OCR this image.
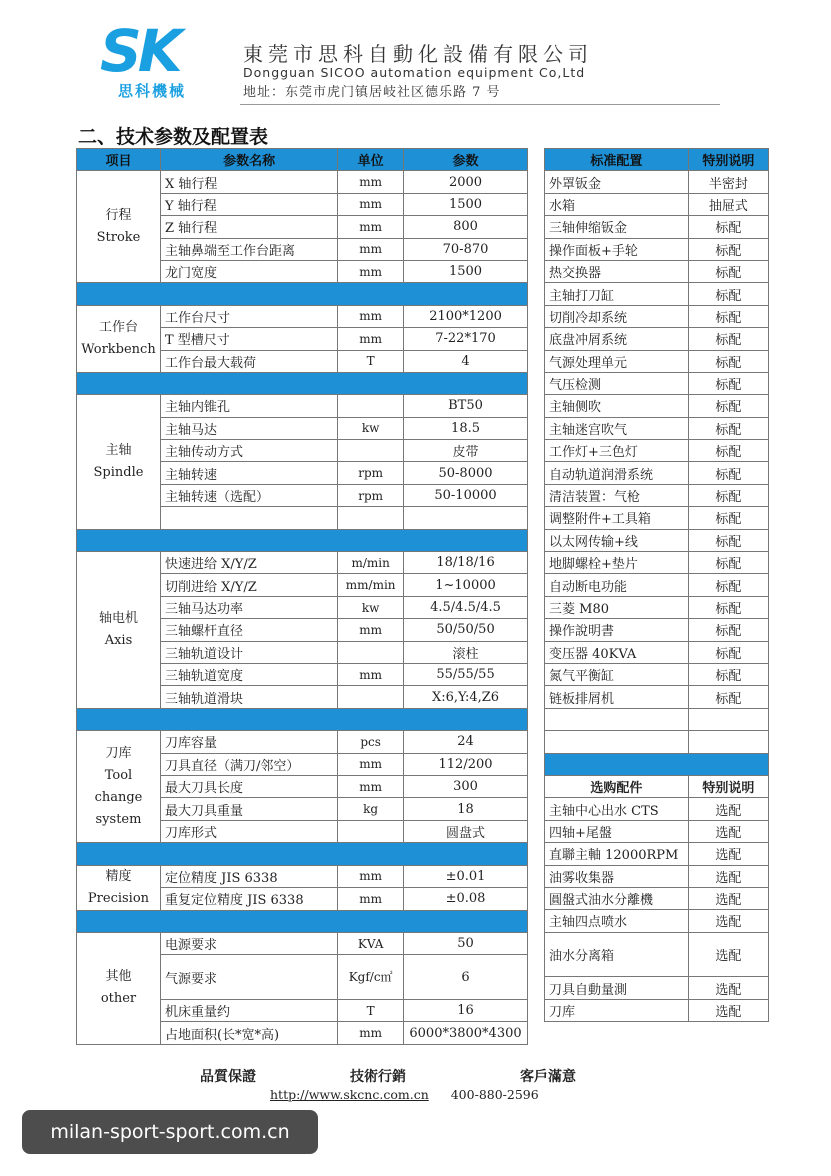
SK
思科機械
東莞市思科自動化設備有限公司
Dongguan SICOO automation equipment Co,Ltd
地址：东莞市虎门镇居岐社区德乐路 7 号
二、技术参数及配置表
项目	参数名称	单位	参数

行程
Stroke	X 轴行程	mm	2000
	Y 轴行程	mm	1500
	Z 轴行程	mm	800
	主轴鼻端至工作台距离	mm	70-870
	龙门宽度	mm	1500

工作台
Workbench	工作台尺寸	mm	2100*1200
	T 型槽尺寸	mm	7-22*170
	工作台最大载荷	T	4

主轴
Spindle	主轴内锥孔		BT50
	主轴马达	kw	18.5
	主轴传动方式		皮带
	主轴转速	rpm	50-8000
	主轴转速（选配）	rpm	50-10000

轴电机
Axis	快速进给 X/Y/Z	m/min	18/18/16
	切削进给 X/Y/Z	mm/min	1~10000
	三轴马达功率	kw	4.5/4.5/4.5
	三轴螺杆直径	mm	50/50/50
	三轴轨道设计		滚柱
	三轴轨道宽度	mm	55/55/55
	三轴轨道滑块		X:6,Y:4,Z6

刀库
Tool change system	刀库容量	pcs	24
	刀具直径（满刀/邻空）	mm	112/200
	最大刀具长度	mm	300
	最大刀具重量	kg	18
	刀库形式		圆盘式

精度
Precision	定位精度 JIS 6338	mm	±0.01
	重复定位精度 JIS 6338	mm	±0.08

其他
other	电源要求	KVA	50
	气源要求	Kgf/c㎡	6
	机床重量约	T	16
	占地面积(长*宽*高)	mm	6000*3800*4300
标准配置	特别说明
外罩钣金	半密封
水箱	抽屉式
三轴伸缩钣金	标配
操作面板+手轮	标配
热交换器	标配
主轴打刀缸	标配
切削冷却系统	标配
底盘冲屑系统	标配
气源处理单元	标配
气压检测	标配
主轴侧吹	标配
主轴迷宫吹气	标配
工作灯+三色灯	标配
自动轨道润滑系统	标配
清洁装置：气枪	标配
调整附件+工具箱	标配
以太网传输+线	标配
地脚螺栓+垫片	标配
自动断电功能	标配
三菱 M80	标配
操作說明書	标配
变压器 40KVA	标配
氮气平衡缸	标配
链板排屑机	标配

选购配件	特别说明
主轴中心出水 CTS	选配
四轴+尾盤	选配
直聯主軸 12000RPM	选配
油雾收集器	选配
圓盤式油水分離機	选配
主轴四点喷水	选配
油水分离箱	选配
刀具自動量測	选配
刀库	选配
品質保證	技術行銷	客戶滿意
http://www.skcnc.com.cn 400-880-2596
milan-sport-sport.com.cn
